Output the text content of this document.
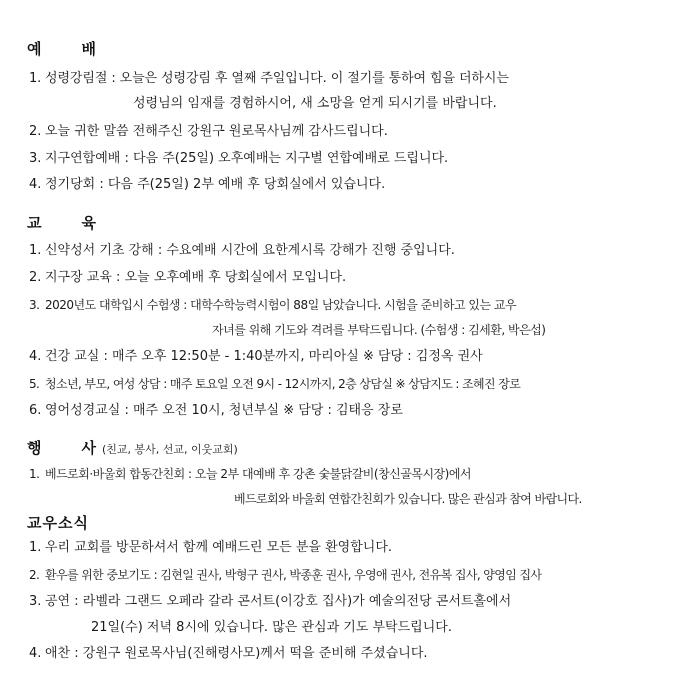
예	배
1. 성령강림절 : 오늘은 성령강림 후 열째 주일입니다. 이 절기를 통하여 힘을 더하시는
성령님의 임재를 경험하시어, 새 소망을 얻게 되시기를 바랍니다.
2. 오늘 귀한 말씀 전해주신 강원구 원로목사님께 감사드립니다.
3. 지구연합예배 : 다음 주(25일) 오후예배는 지구별 연합예배로 드립니다.
4. 정기당회 : 다음 주(25일) 2부 예배 후 당회실에서 있습니다.
교	육
1. 신약성서 기초 강해 : 수요예배 시간에 요한계시록 강해가 진행 중입니다.
2. 지구장 교육 : 오늘 오후예배 후 당회실에서 모입니다.
3. 2020년도 대학입시 수험생 : 대학수학능력시험이 88일 남았습니다. 시험을 준비하고 있는 교우
자녀를 위해 기도와 격려를 부탁드립니다. (수험생 : 김세환, 박은섭)
4. 건강 교실 : 매주 오후 12:50분 - 1:40분까지, 마리아실 ※ 담당 : 김정옥 권사
5. 청소년, 부모, 여성 상담 : 매주 토요일 오전 9시 - 12시까지, 2층 상담실 ※ 상담지도 : 조혜진 장로
6. 영어성경교실 : 매주 오전 10시, 청년부실 ※ 담당 : 김태응 장로
행	사 (친교, 봉사, 선교, 이웃교회)
1. 베드로회·바울회 합동간친회 : 오늘 2부 대예배 후 강촌 숯불닭갈비(창신골목시장)에서
베드로회와 바울회 연합간친회가 있습니다. 많은 관심과 참여 바랍니다.
교우소식
1. 우리 교회를 방문하셔서 함께 예배드린 모든 분을 환영합니다.
2. 환우를 위한 중보기도 : 김현일 권사, 박형구 권사, 박종훈 권사, 우영애 권사, 전유복 집사, 양영임 집사
3. 공연 : 라벨라 그랜드 오페라 갈라 콘서트(이강호 집사)가 예술의전당 콘서트홀에서
21일(수) 저녁 8시에 있습니다. 많은 관심과 기도 부탁드립니다.
4. 애찬 : 강원구 원로목사님(진해령사모)께서 떡을 준비해 주셨습니다.
